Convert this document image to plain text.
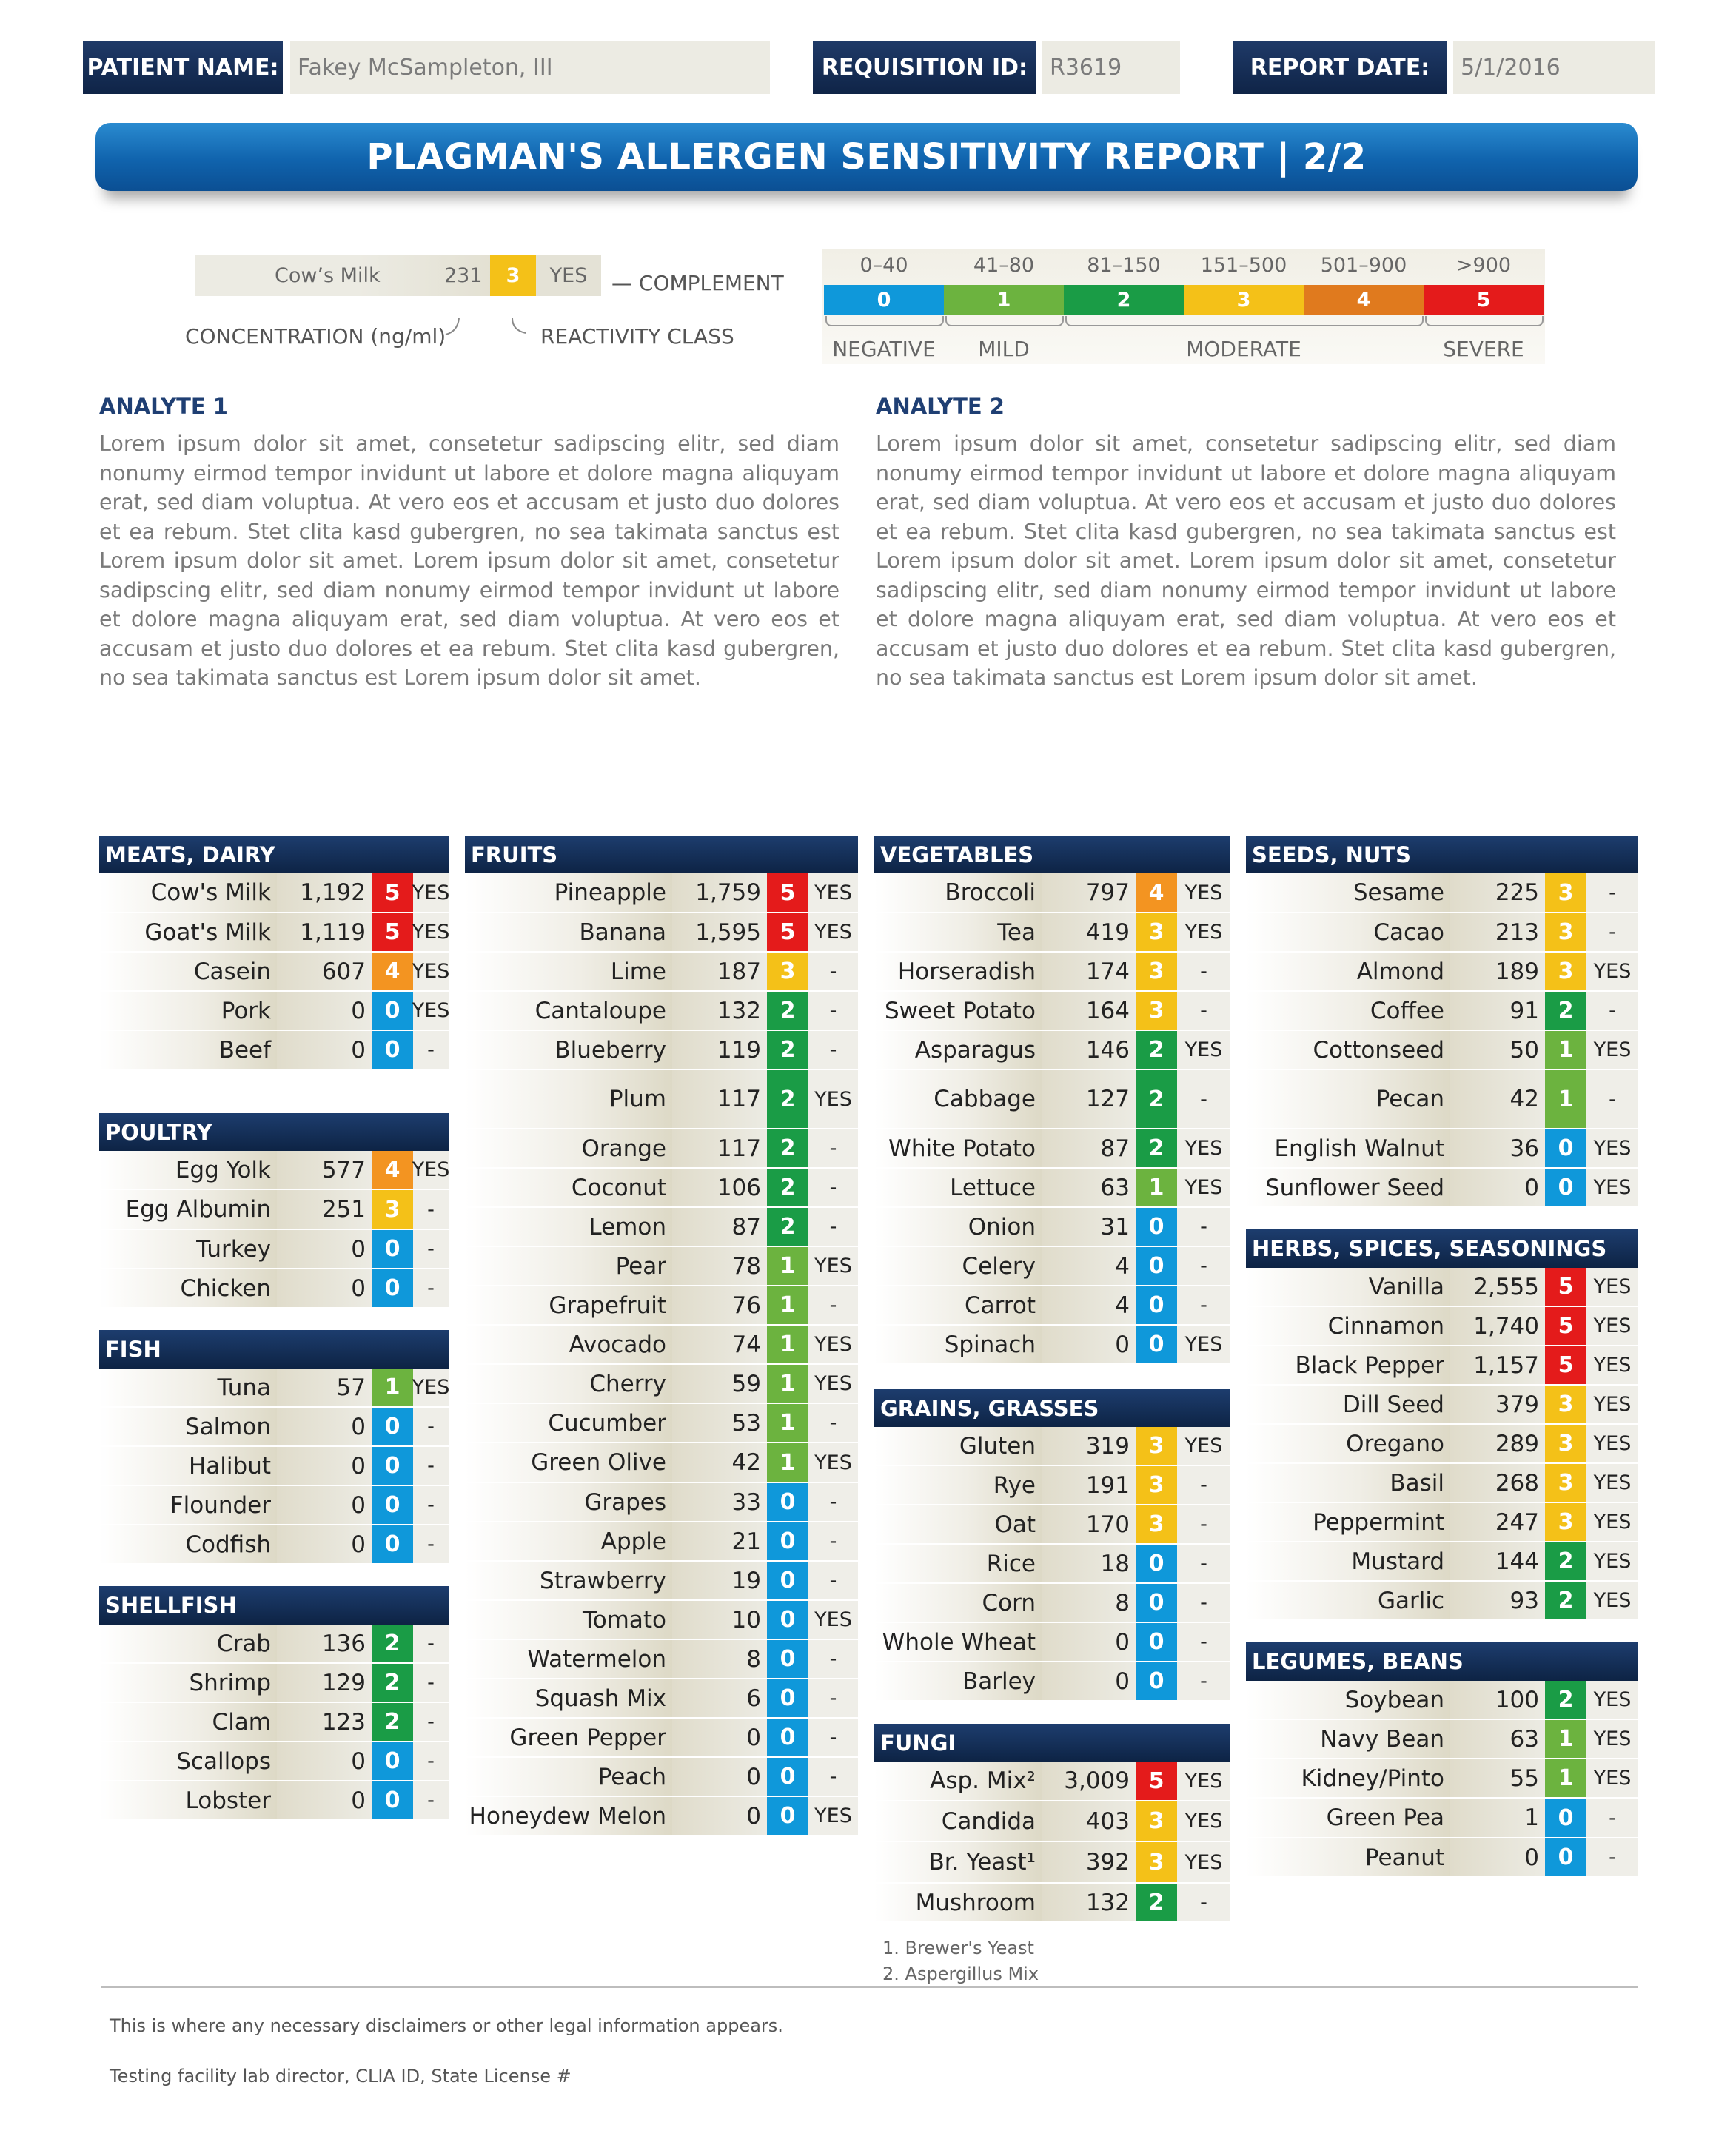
PATIENT NAME: Fakey McSampleton, III	REQUISITION ID: R3619	REPORT DATE:	5/1/2016
PLAGMAN'S ALLERGEN SENSITIVITY REPORT | 2/2
Cow’s Milk	231	3	YES	— COMPLEMENT
CONCENTRATION (ng/ml)	REACTIVITY CLASS
0–40	41–80	81–150	151–500	501–900	>900
0	1	2	3	4	5
NEGATIVE	MILD	MODERATE	SEVERE
ANALYTE 1
Lorem ipsum dolor sit amet, consetetur sadipscing elitr, sed diam nonumy eirmod tempor invidunt ut labore et dolore magna aliquyam erat, sed diam voluptua. At vero eos et accusam et justo duo dolores et ea rebum. Stet clita kasd gubergren, no sea takimata sanctus est Lorem ipsum dolor sit amet. Lorem ipsum dolor sit amet, consetetur sadipscing elitr, sed diam nonumy eirmod tempor invidunt ut labore et dolore magna aliquyam erat, sed diam voluptua. At vero eos et accusam et justo duo dolores et ea rebum. Stet clita kasd gubergren, no sea takimata sanctus est Lorem ipsum dolor sit amet.
ANALYTE 2
Lorem ipsum dolor sit amet, consetetur sadipscing elitr, sed diam nonumy eirmod tempor invidunt ut labore et dolore magna aliquyam erat, sed diam voluptua. At vero eos et accusam et justo duo dolores et ea rebum. Stet clita kasd gubergren, no sea takimata sanctus est Lorem ipsum dolor sit amet. Lorem ipsum dolor sit amet, consetetur sadipscing elitr, sed diam nonumy eirmod tempor invidunt ut labore et dolore magna aliquyam erat, sed diam voluptua. At vero eos et accusam et justo duo dolores et ea rebum. Stet clita kasd gubergren, no sea takimata sanctus est Lorem ipsum dolor sit amet.
MEATS, DAIRY
Cow's Milk	1,192 5 YES
Goat's Milk	1,119 5 YES
Casein	607 4 YES
Pork	0 0 YES
Beef	0 0	-
POULTRY
Egg Yolk	577 4 YES
Egg Albumin	251 3	-
Turkey	0 0	-
Chicken	0 0	-
FISH
Tuna	57 1 YES
Salmon	0 0	-
Halibut	0 0	-
Flounder	0 0	-
Codfish	0 0	-
SHELLFISH
Crab	136 2	-
Shrimp	129 2	-
Clam	123 2	-
Scallops	0 0	-
Lobster	0 0	-
FRUITS
Pineapple	1,759 5 YES
Banana	1,595 5 YES
Lime	187 3	-
Cantaloupe	132 2	-
Blueberry	119 2	-
Plum	117 2 YES
Orange	117 2	-
Coconut	106 2	-
Lemon	87 2	-
Pear	78 1 YES
Grapefruit	76 1	-
Avocado	74 1 YES
Cherry	59 1 YES
Cucumber	53 1	-
Green Olive	42 1 YES
Grapes	33 0	-
Apple	21 0	-
Strawberry	19 0	-
Tomato	10 0 YES
Watermelon	8 0	-
Squash Mix	6 0	-
Green Pepper	0 0	-
Peach	0 0	-
Honeydew Melon	0 0 YES
VEGETABLES
Broccoli	797 4	YES
Tea	419 3	YES
Horseradish	174 3	-
Sweet Potato	164 3	-
Asparagus	146 2	YES
Cabbage	127 2	-
White Potato	87 2	YES
Lettuce	63 1	YES
Onion	31 0	-
Celery	4 0	-
Carrot	4 0	-
Spinach	0 0	YES
GRAINS, GRASSES
Gluten	319 3	YES
Rye	191 3	-
Oat	170 3	-
Rice	18 0	-
Corn	8 0	-
Whole Wheat	0 0	-
Barley	0 0	-
FUNGI
Asp. Mix²	3,009 5	YES
Candida	403 3	YES
Br. Yeast¹	392 3	YES
Mushroom	132 2	-
SEEDS, NUTS
Sesame	225 3	-
Cacao	213 3	-
Almond	189 3	YES
Coffee	91 2	-
Cottonseed	50 1	YES
Pecan	42 1	-
English Walnut	36 0	YES
Sunflower Seed	0 0	YES
HERBS, SPICES, SEASONINGS
Vanilla	2,555 5	YES
Cinnamon	1,740 5	YES
Black Pepper	1,157 5	YES
Dill Seed	379 3	YES
Oregano	289 3	YES
Basil	268 3	YES
Peppermint	247 3	YES
Mustard	144 2	YES
Garlic	93 2	YES
LEGUMES, BEANS
Soybean	100 2	YES
Navy Bean	63 1	YES
Kidney/Pinto	55 1	YES
Green Pea	1 0	-
Peanut	0 0	-
1. Brewer's Yeast
2. Aspergillus Mix
This is where any necessary disclaimers or other legal information appears.
Testing facility lab director, CLIA ID, State License #
